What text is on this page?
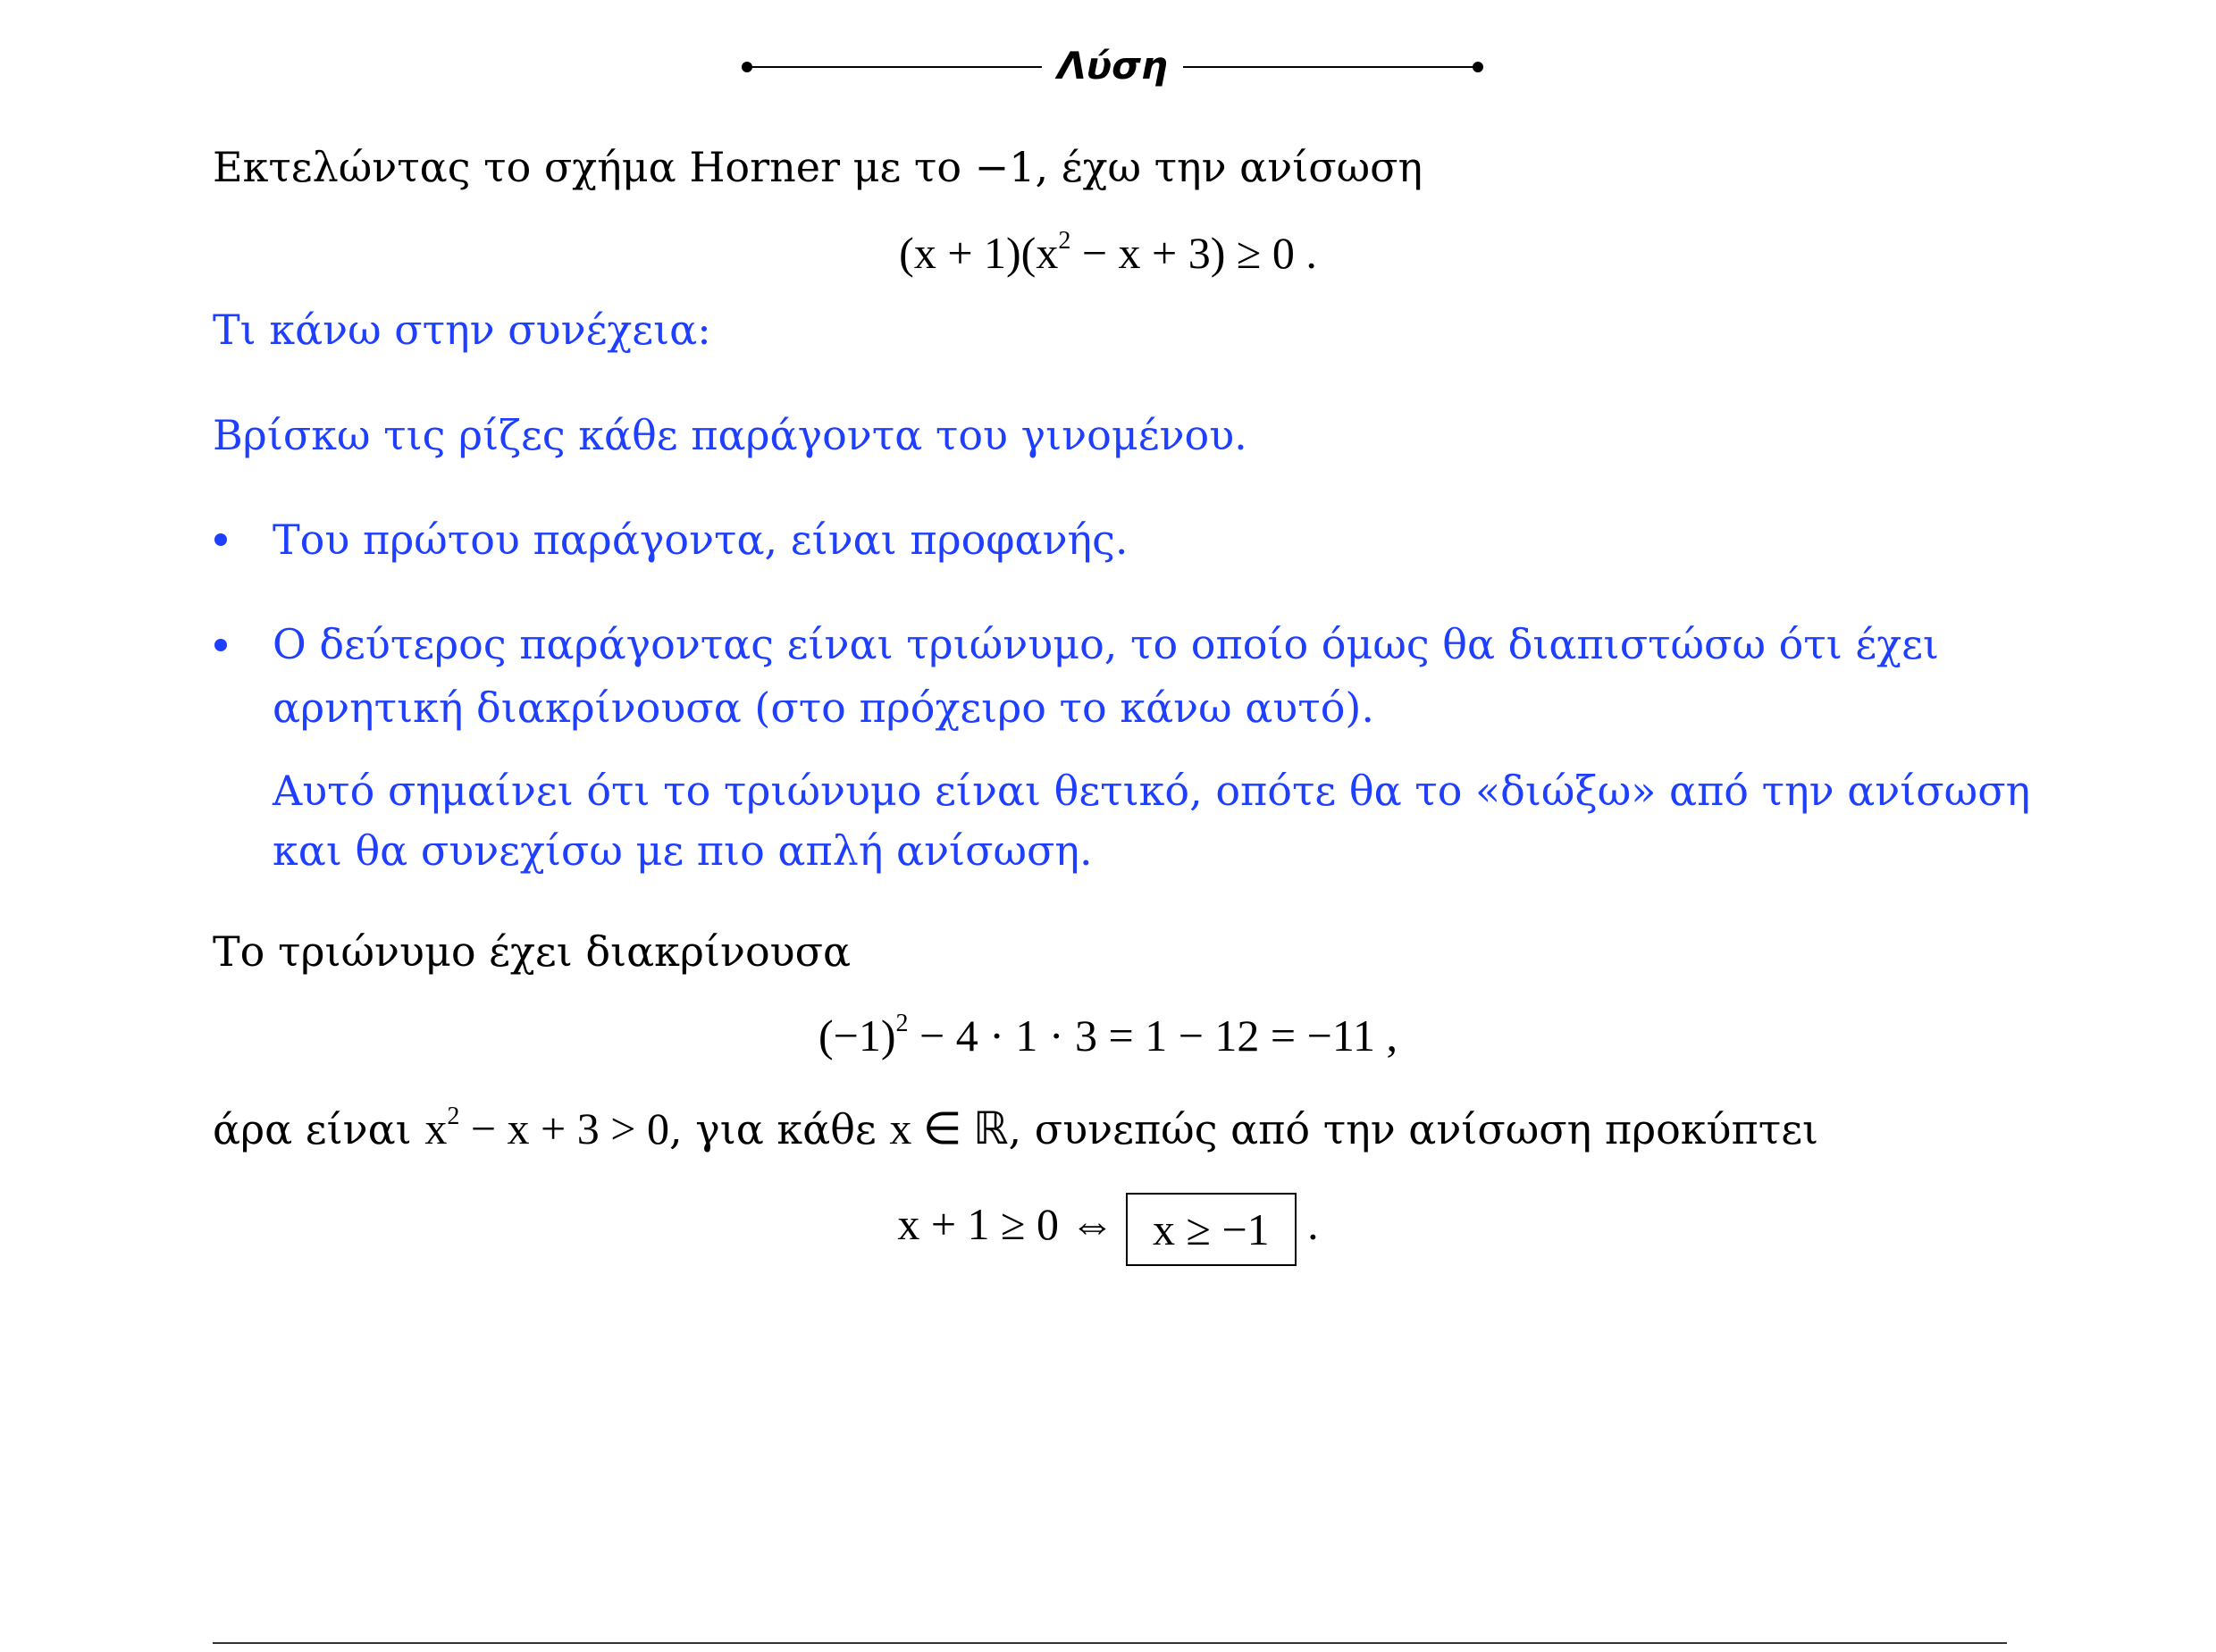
Λύση
Εκτελώντας το σχήμα Horner με το −1, έχω την ανίσωση
$(x + 1)(x^2 - x + 3) \ge 0$ .
Τι κάνω στην συνέχεια:
Βρίσκω τις ρίζες κάθε παράγοντα του γινομένου.
Του πρώτου παράγοντα, είναι προφανής.
Ο δεύτερος παράγοντας είναι τριώνυμο, το οποίο όμως θα διαπιστώσω ότι έχει
αρνητική διακρίνουσα (στο πρόχειρο το κάνω αυτό).
Αυτό σημαίνει ότι το τριώνυμο είναι θετικό, οπότε θα το «διώξω» από την ανίσωση
και θα συνεχίσω με πιο απλή ανίσωση.
Το τριώνυμο έχει διακρίνουσα
$(-1)^2 - 4 \cdot 1 \cdot 3 = 1 - 12 = -11$ ,
άρα είναι $x^2 - x + 3 > 0$, για κάθε x ∈ ℝ, συνεπώς από την ανίσωση προκύπτει
x + 1 ≥ 0 ⇔ x ≥ −1 .
